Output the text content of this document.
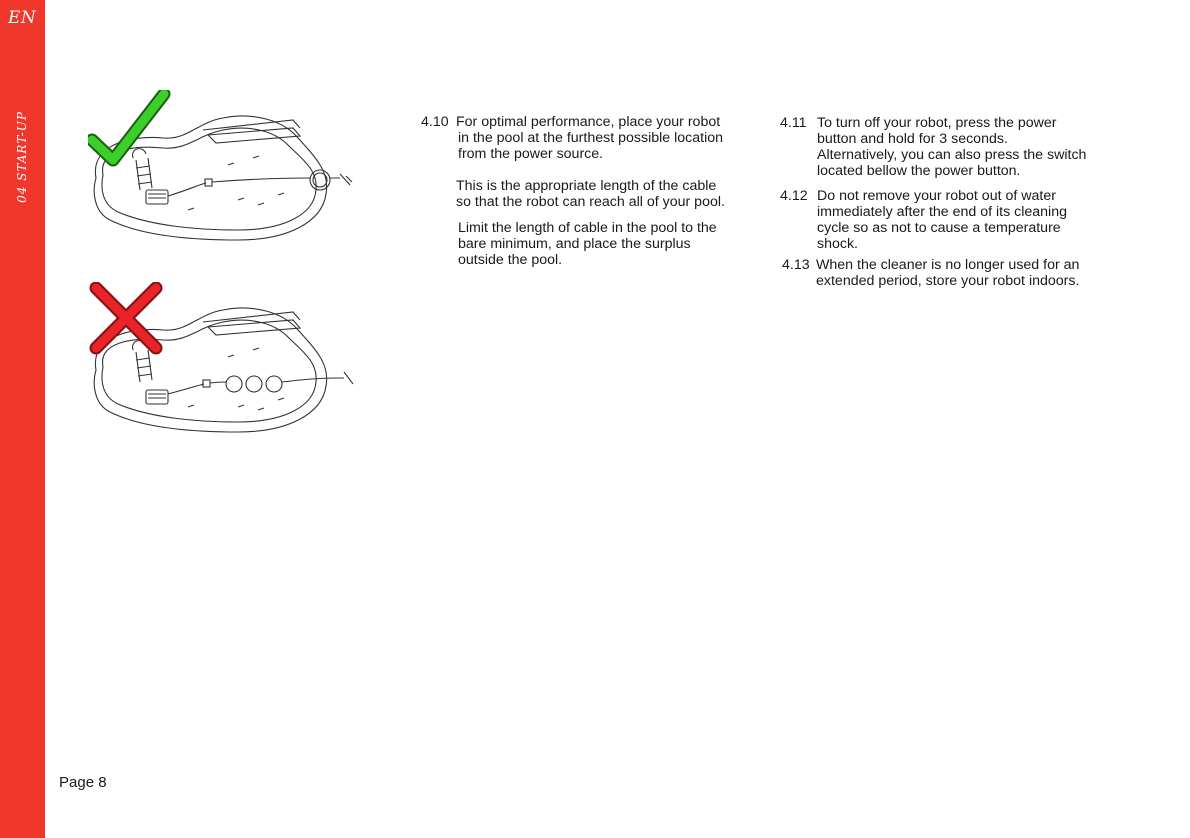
EN
04 START-UP	4.10 For optimal performance, place your robot
in the pool at the furthest possible location
from the power source.
This is the appropriate length of the cable
so that the robot can reach all of your pool.
Limit the length of cable in the pool to the
bare minimum, and place the surplus
outside the pool.
4.11 To turn off your robot, press the power
button and hold for 3 seconds.
Alternatively, you can also press the switch
located bellow the power button.
4.12 Do not remove your robot out of water
immediately after the end of its cleaning
cycle so as not to cause a temperature
shock.
4.13 When the cleaner is no longer used for an
extended period, store your robot indoors.
Page 8
